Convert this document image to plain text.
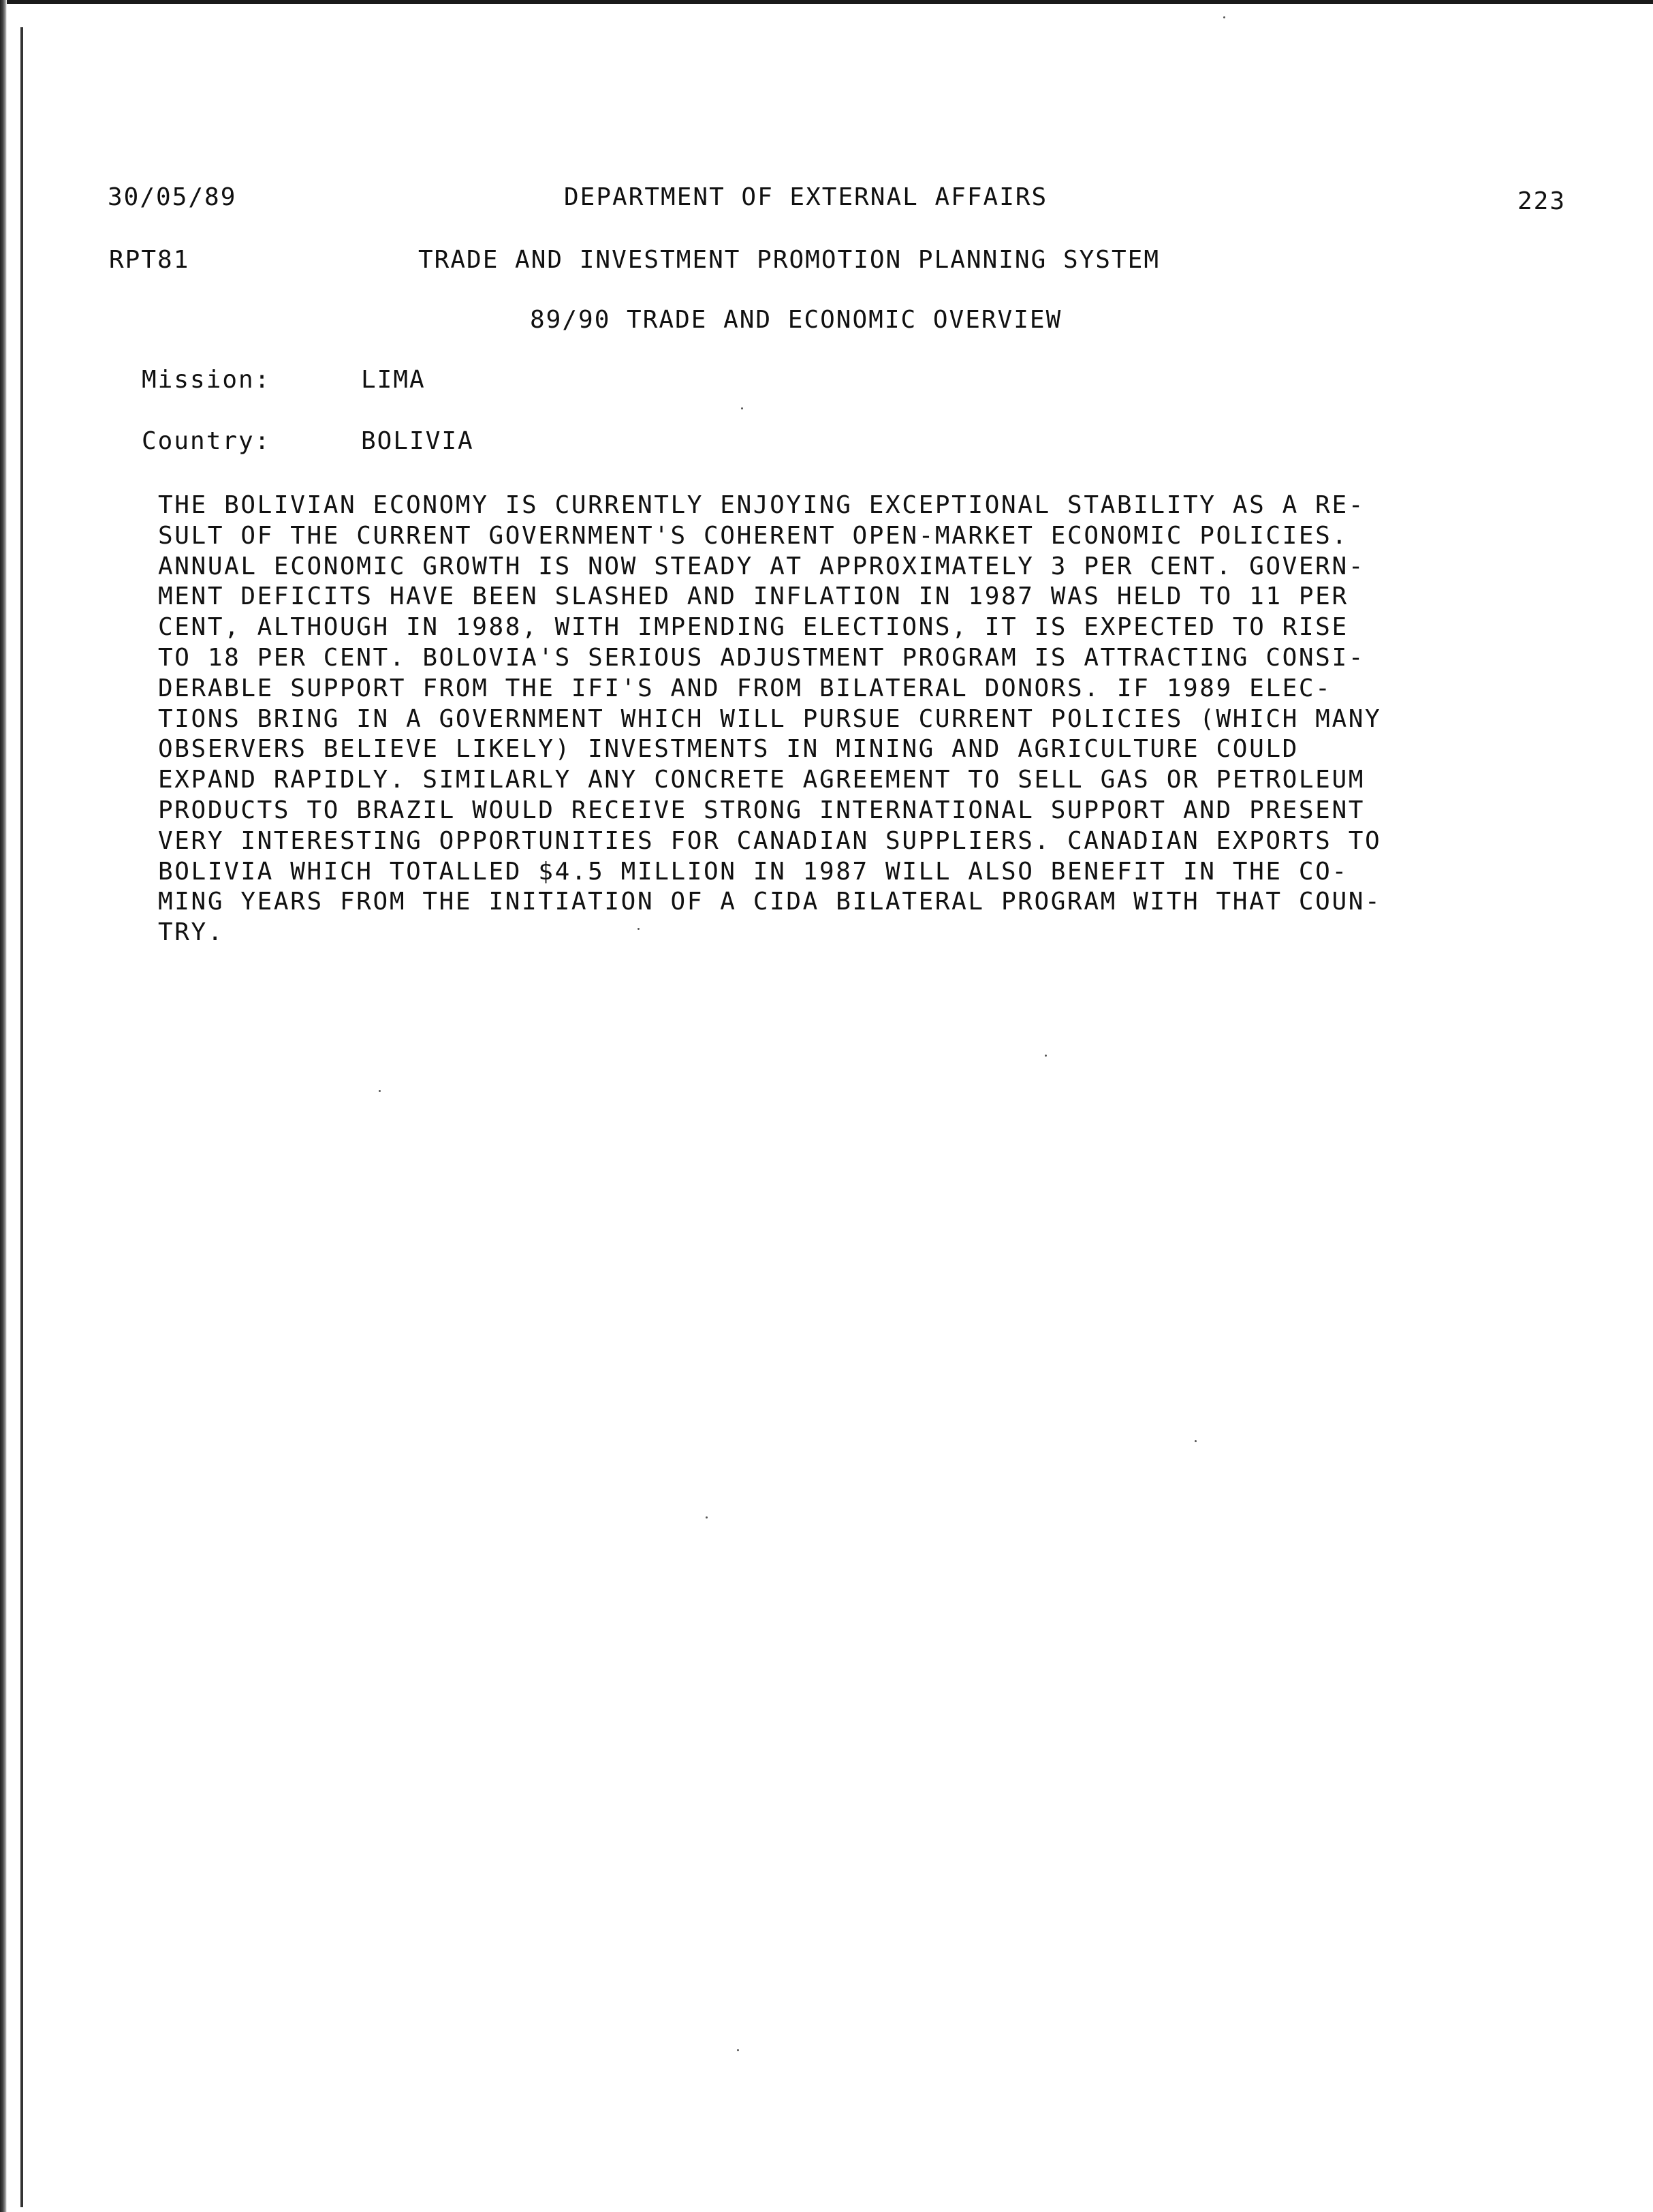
30/05/89	DEPARTMENT OF EXTERNAL AFFAIRS	223
RPT81	TRADE AND INVESTMENT PROMOTION PLANNING SYSTEM
89/90 TRADE AND ECONOMIC OVERVIEW
Mission:	LIMA
Country:	BOLIVIA
THE BOLIVIAN ECONOMY IS CURRENTLY ENJOYING EXCEPTIONAL STABILITY AS A RE-
SULT OF THE CURRENT GOVERNMENT'S COHERENT OPEN-MARKET ECONOMIC POLICIES.
ANNUAL ECONOMIC GROWTH IS NOW STEADY AT APPROXIMATELY 3 PER CENT. GOVERN-
MENT DEFICITS HAVE BEEN SLASHED AND INFLATION IN 1987 WAS HELD TO 11 PER
CENT, ALTHOUGH IN 1988, WITH IMPENDING ELECTIONS, IT IS EXPECTED TO RISE
TO 18 PER CENT. BOLOVIA'S SERIOUS ADJUSTMENT PROGRAM IS ATTRACTING CONSI-
DERABLE SUPPORT FROM THE IFI'S AND FROM BILATERAL DONORS. IF 1989 ELEC-
TIONS BRING IN A GOVERNMENT WHICH WILL PURSUE CURRENT POLICIES (WHICH MANY
OBSERVERS BELIEVE LIKELY) INVESTMENTS IN MINING AND AGRICULTURE COULD
EXPAND RAPIDLY. SIMILARLY ANY CONCRETE AGREEMENT TO SELL GAS OR PETROLEUM
PRODUCTS TO BRAZIL WOULD RECEIVE STRONG INTERNATIONAL SUPPORT AND PRESENT
VERY INTERESTING OPPORTUNITIES FOR CANADIAN SUPPLIERS. CANADIAN EXPORTS TO
BOLIVIA WHICH TOTALLED $4.5 MILLION IN 1987 WILL ALSO BENEFIT IN THE CO-
MING YEARS FROM THE INITIATION OF A CIDA BILATERAL PROGRAM WITH THAT COUN-
TRY.
